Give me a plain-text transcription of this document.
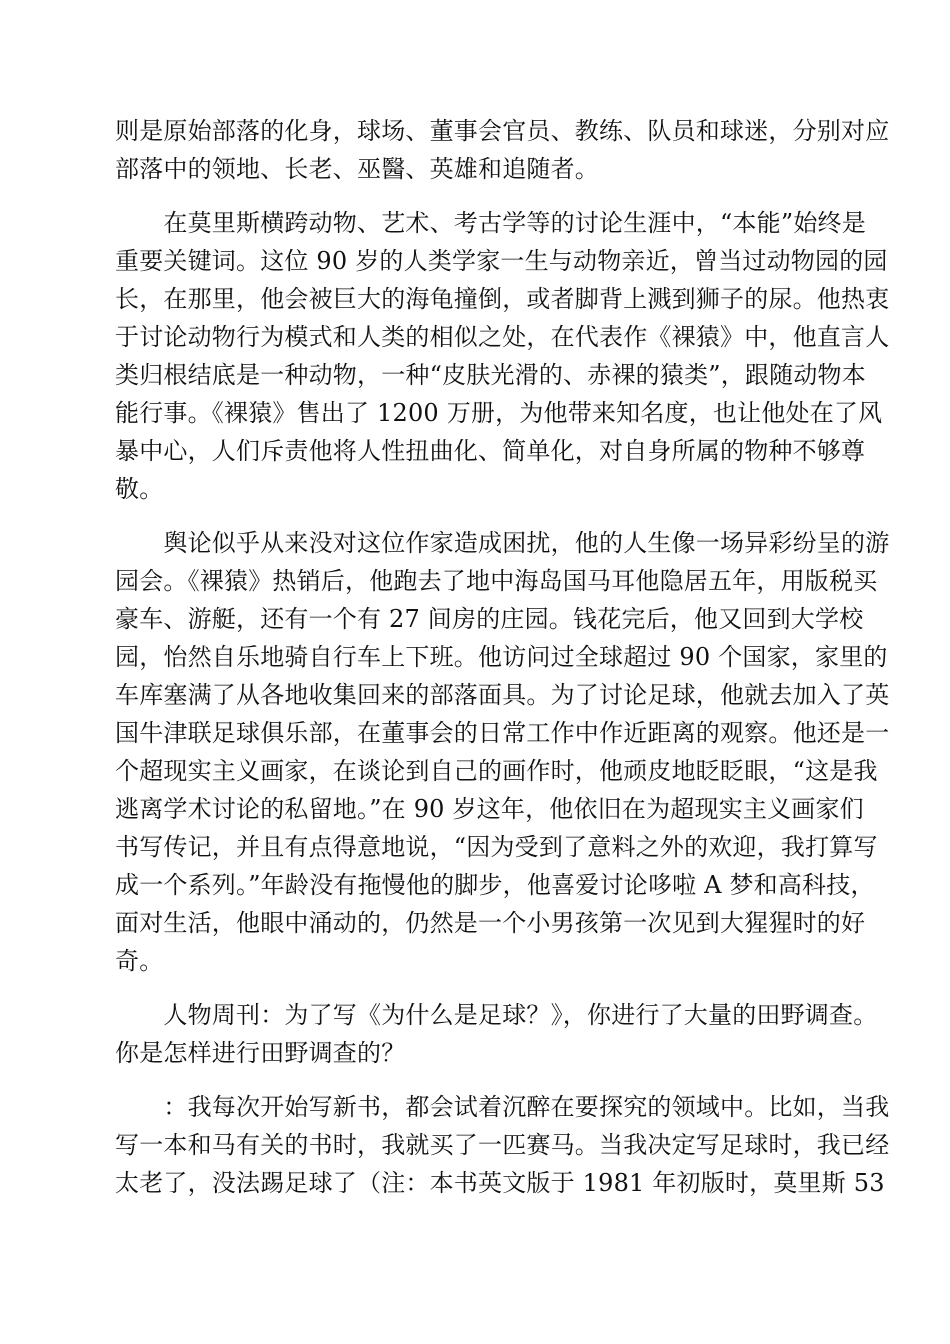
则是原始部落的化身，球场、董事会官员、教练、队员和球迷，分别对应
部落中的领地、长老、巫醫、英雄和追随者。
　　在莫里斯横跨动物、艺术、考古学等的讨论生涯中，“本能”始终是
重要关键词。这位 90 岁的人类学家一生与动物亲近，曾当过动物园的园
长，在那里，他会被巨大的海龟撞倒，或者脚背上溅到狮子的尿。他热衷
于讨论动物行为模式和人类的相似之处，在代表作《裸猿》中，他直言人
类归根结底是一种动物，一种“皮肤光滑的、赤裸的猿类”，跟随动物本
能行事。《裸猿》售出了 1200 万册，为他带来知名度，也让他处在了风
暴中心，人们斥责他将人性扭曲化、简单化，对自身所属的物种不够尊
敬。
　　舆论似乎从来没对这位作家造成困扰，他的人生像一场异彩纷呈的游
园会。《裸猿》热销后，他跑去了地中海岛国马耳他隐居五年，用版税买
豪车、游艇，还有一个有 27 间房的庄园。钱花完后，他又回到大学校
园，怡然自乐地骑自行车上下班。他访问过全球超过 90 个国家，家里的
车库塞满了从各地收集回来的部落面具。为了讨论足球，他就去加入了英
国牛津联足球俱乐部，在董事会的日常工作中作近距离的观察。他还是一
个超现实主义画家，在谈论到自己的画作时，他顽皮地眨眨眼，“这是我
逃离学术讨论的私留地。”在 90 岁这年，他依旧在为超现实主义画家们
书写传记，并且有点得意地说，“因为受到了意料之外的欢迎，我打算写
成一个系列。”年龄没有拖慢他的脚步，他喜爱讨论哆啦 A 梦和高科技，
面对生活，他眼中涌动的，仍然是一个小男孩第一次见到大猩猩时的好
奇。
　　人物周刊：为了写《为什么是足球？》，你进行了大量的田野调查。
你是怎样进行田野调查的？
　　：我每次开始写新书，都会试着沉醉在要探究的领域中。比如，当我
写一本和马有关的书时，我就买了一匹赛马。当我决定写足球时，我已经
太老了，没法踢足球了（注：本书英文版于 1981 年初版时，莫里斯 53
